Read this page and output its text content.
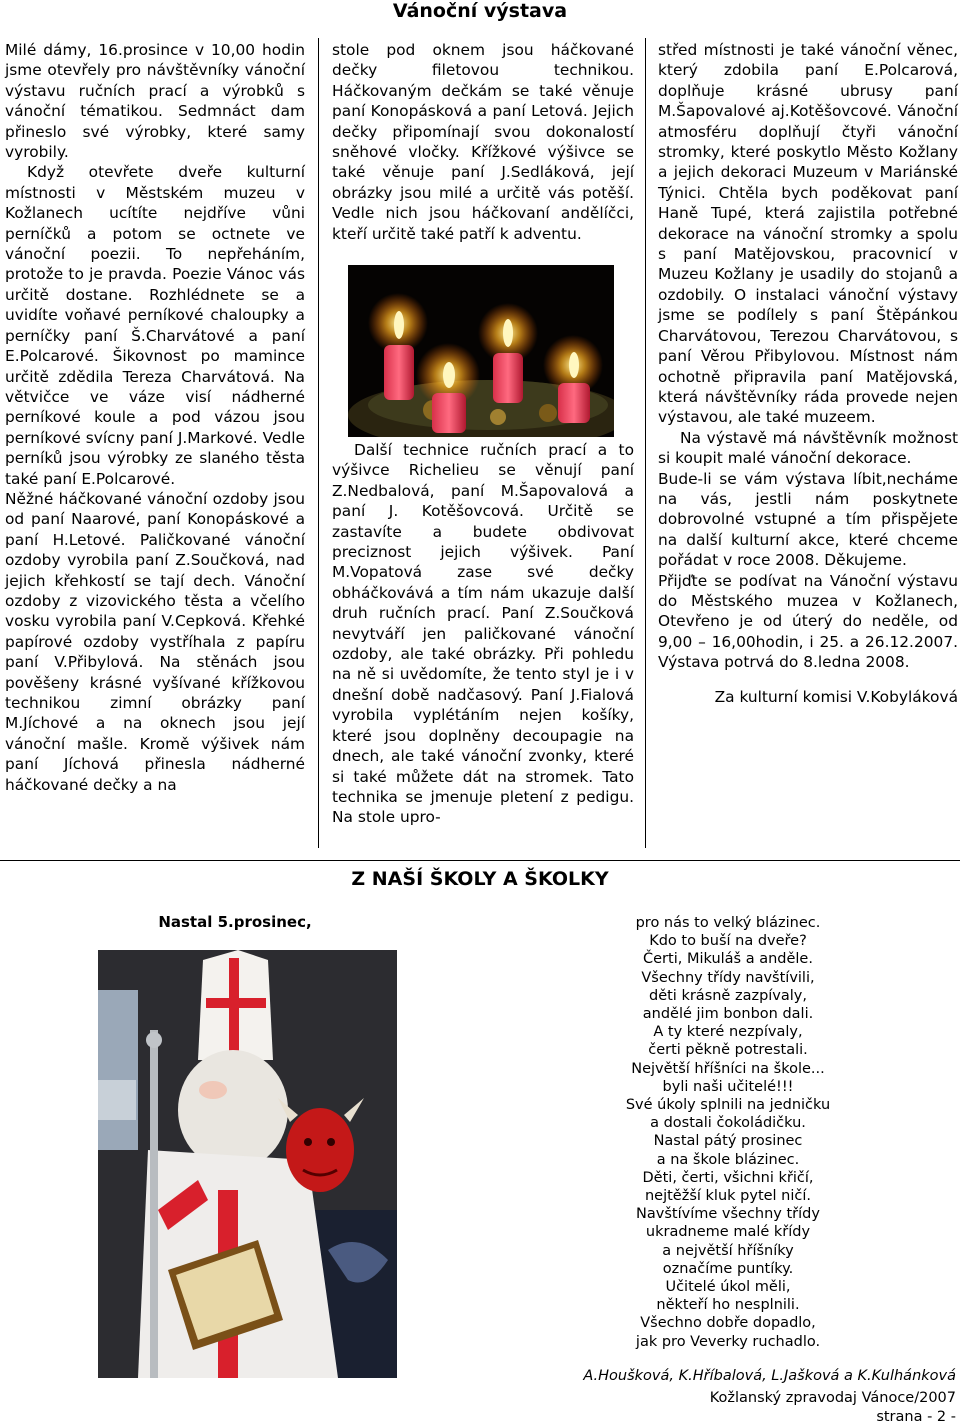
Vánoční výstava

Milé dámy, 16.prosince v 10,00 hodin jsme otevřely pro návštěvníky vánoční výstavu ručních prací a výrobků s vánoční tématikou. Sedmnáct dam přineslo své výrobky, které samy vyrobily.

Když otevřete dveře kulturní místnosti v Městském muzeu v Kožlanech ucítíte nejdříve vůni perníčků a potom se octnete ve vánoční poezii. To nepřeháním, protože to je pravda. Poezie Vánoc vás určitě dostane. Rozhlédnete se a uvidíte voňavé perníkové chaloupky a perníčky paní Š.Charvátové a paní E.Polcarové. Šikovnost po mamince určitě zdědila Tereza Charvátová. Na větvičce ve váze visí nádherné perníkové koule a pod vázou jsou perníkové svícny paní J.Markové. Vedle perníků jsou výrobky ze slaného těsta také paní E.Polcarové.

Něžné háčkované vánoční ozdoby jsou od paní Naarové, paní Konopáskové a paní H.Letové. Paličkované vánoční ozdoby vyrobila paní Z.Součková, nad jejich křehkostí se tají dech. Vánoční ozdoby z vizovického těsta a včelího vosku vyrobila paní V.Cepková. Křehké papírové ozdoby vystříhala z papíru paní V.Přibylová. Na stěnách jsou pověšeny krásné vyšívané křížkovou technikou zimní obrázky paní M.Jíchové a na oknech jsou její vánoční mašle. Kromě výšivek nám paní Jíchová přinesla nádherné háčkované dečky a na

stole pod oknem jsou háčkované dečky filetovou technikou. Háčkovaným dečkám se také věnuje paní Konopásková a paní Letová. Jejich dečky připomínají svou dokonalostí sněhové vločky. Křížkové výšivce se také věnuje paní J.Sedláková, její obrázky jsou milé a určitě vás potěší. Vedle nich jsou háčkovaní andělíčci, kteří určitě také patří k adventu.

Další technice ručních prací a to výšivce Richelieu se věnují paní Z.Nedbalová, paní M.Šapovalová a paní J. Kotěšovcová. Určitě se zastavíte a budete obdivovat preciznost jejich výšivek. Paní M.Vopatová zase své dečky obháčkovává a tím nám ukazuje další druh ručních prací. Paní Z.Součková nevytváří jen paličkované vánoční ozdoby, ale také obrázky. Při pohledu na ně si uvědomíte, že tento styl je i v dnešní době nadčasový. Paní J.Fialová vyrobila vyplétáním nejen košíky, které jsou doplněny decoupagie na dnech, ale také vánoční zvonky, které si také můžete dát na stromek. Tato technika se jmenuje pletení z pedigu. Na stole upro-

střed místnosti je také vánoční věnec, který zdobila paní E.Polcarová, doplňuje krásné ubrusy paní M.Šapovalové aj.Kotěšovcové. Vánoční atmosféru doplňují čtyři vánoční stromky, které poskytlo Město Kožlany a jejich dekoraci Muzeum v Mariánské Týnici. Chtěla bych poděkovat paní Haně Tupé, která zajistila potřebné dekorace na vánoční stromky a spolu s paní Matějovskou, pracovnicí v Muzeu Kožlany je usadily do stojanů a ozdobily. O instalaci vánoční výstavy jsme se podílely s paní Štěpánkou Charvátovou, Terezou Charvátovou, s paní Věrou Přibylovou. Místnost nám ochotně připravila paní Matějovská, která návštěvníky ráda provede nejen výstavou, ale také muzeem.

Na výstavě má návštěvník možnost si koupit malé vánoční dekorace.

Bude-li se vám výstava líbit,necháme na vás, jestli nám poskytnete dobrovolné vstupné a tím přispějete na další kulturní akce, které chceme pořádat v roce 2008. Děkujeme.

Přijďte se podívat na Vánoční výstavu do Městského muzea v Kožlanech, Otevřeno je od úterý do neděle, od 9,00 – 16,00hodin, i 25. a 26.12.2007. Výstava potrvá do 8.ledna 2008.

Za kulturní komisi V.Kobyláková

Z NAŠÍ ŠKOLY A ŠKOLKY
Nastal 5.prosinec,	pro nás to velký blázinec.
Kdo to buší na dveře?
Čerti, Mikuláš a anděle.
Všechny třídy navštívili,
děti krásně zazpívaly,
andělé jim bonbon dali.
A ty které nezpívaly,
čerti pěkně potrestali.
Největší hříšníci na škole...
byli naši učitelé!!!
Své úkoly splnili na jedničku
a dostali čokoládičku.
Nastal pátý prosinec
a na škole blázinec.
Děti, čerti, všichni křičí,
nejtěžší kluk pytel ničí.
Navštívíme všechny třídy
ukradneme malé křídy
a největší hříšníky
označíme puntíky.
Učitelé úkol měli,
někteří ho nesplnili.
Všechno dobře dopadlo,
jak pro Veverky ruchadlo.
A.Houšková, K.Hříbalová, L.Jašková a K.Kulhánková
Kožlanský zpravodaj Vánoce/2007
strana - 2 -
